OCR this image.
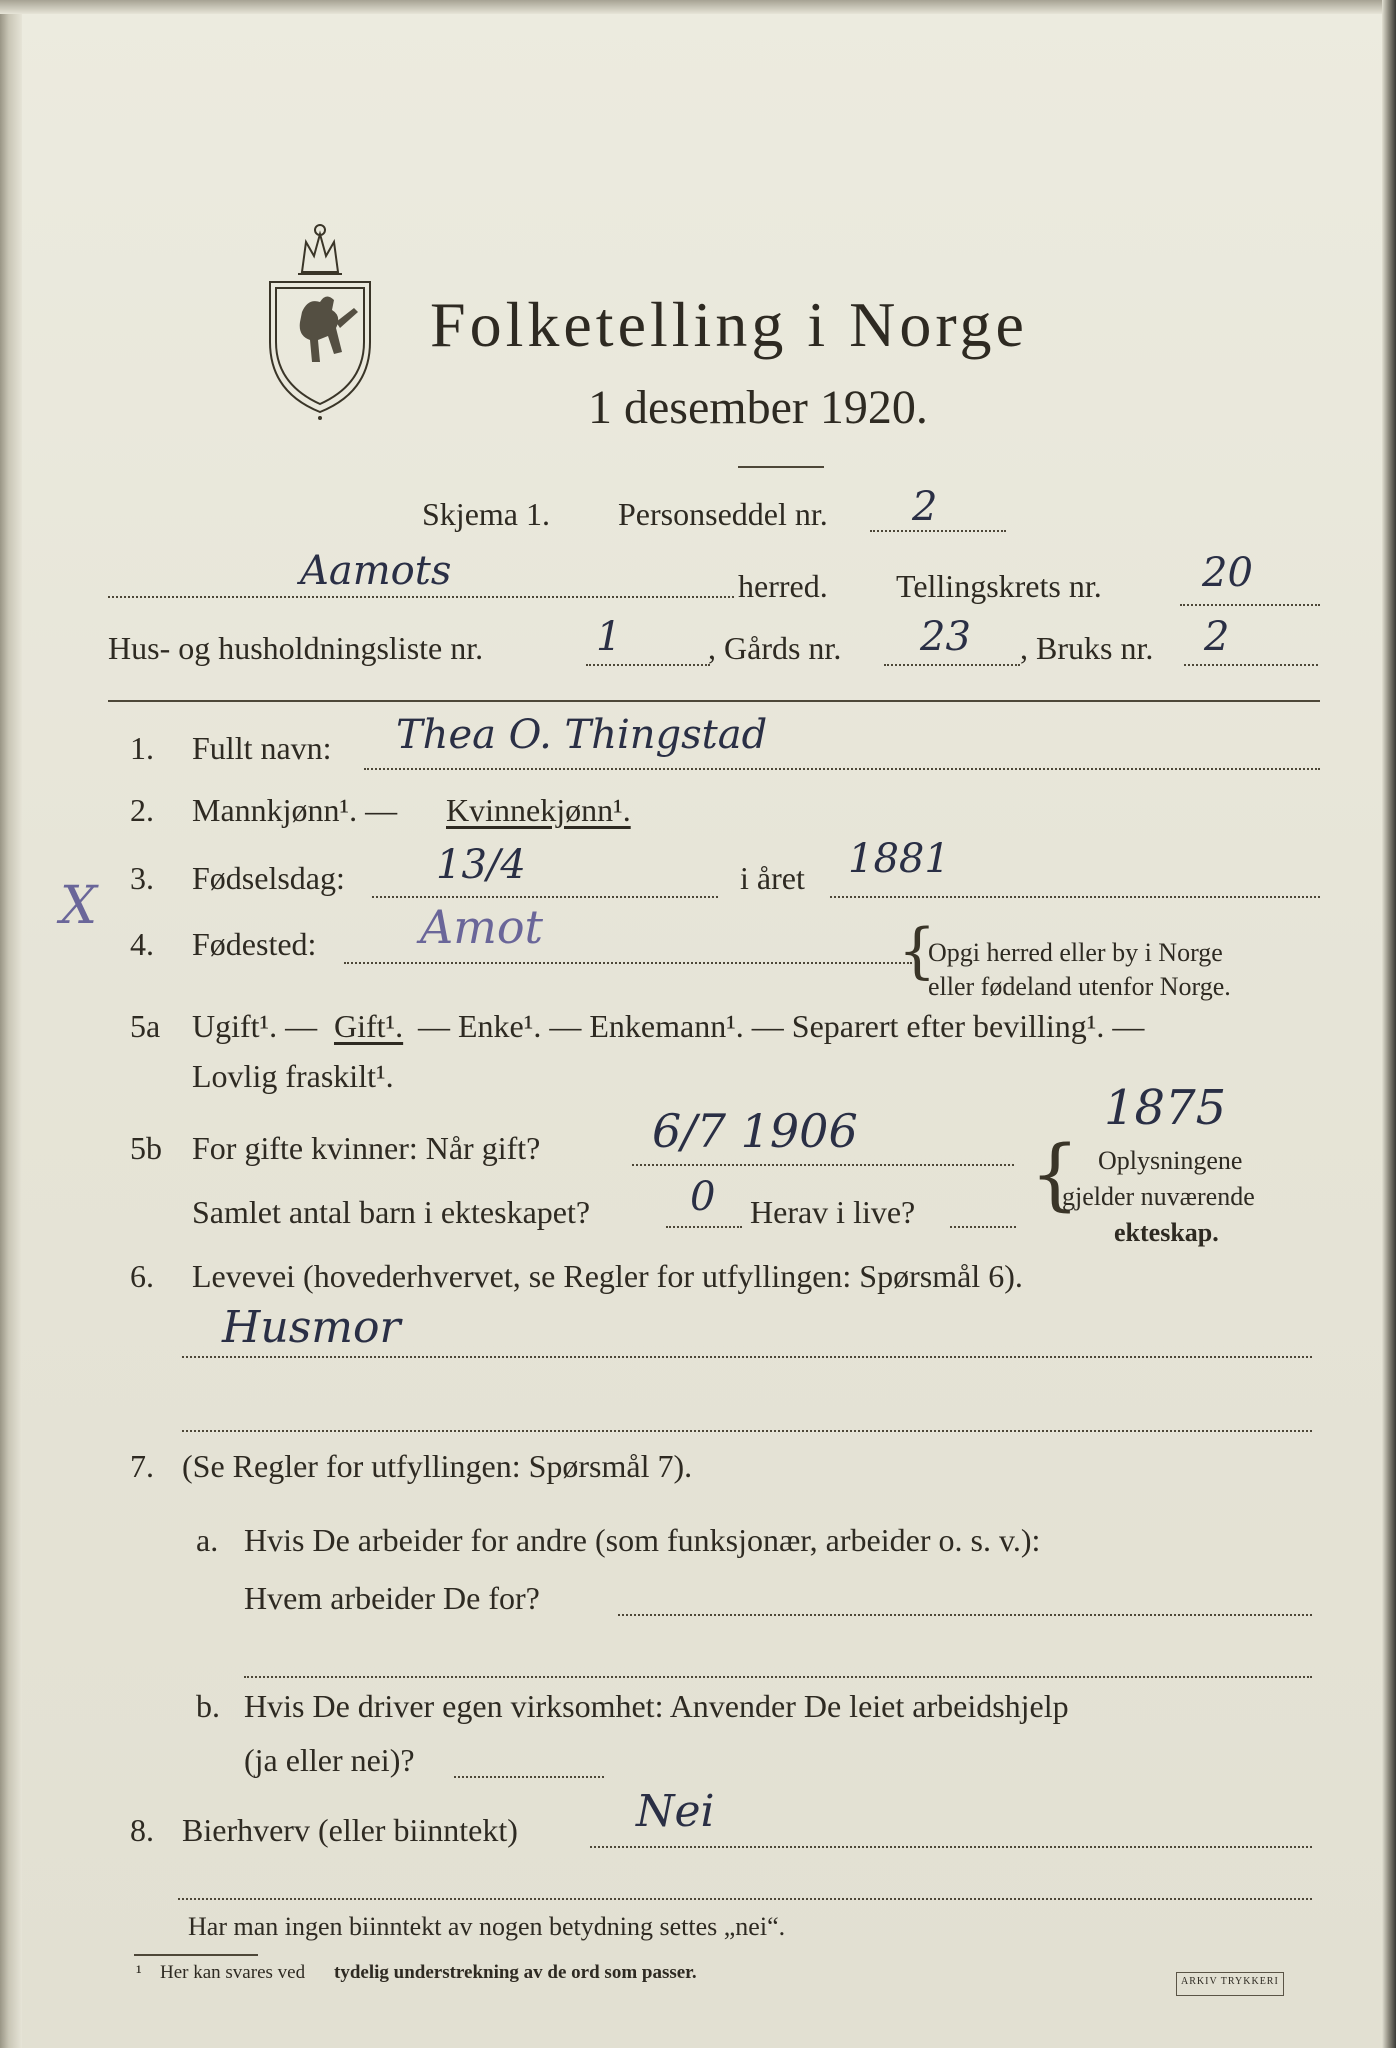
Folketelling i Norge
1 desember 1920.
Skjema 1. Personseddel nr. 2
Aamots	herred. Tellingskrets nr.	20
Hus- og husholdningsliste nr.	1	, Gårds nr. 23 , Bruks nr. 2
1. Fullt navn: Thea O. Thingstad
2. Mannkjønn¹. — Kvinnekjønn¹.
3. Fødselsdag: 13/4	i året 1881
X
4. Fødested: Amot	{
Opgi herred eller by i Norge
eller fødeland utenfor Norge.
5a Ugift¹. — Gift¹. — Enke¹. — Enkemann¹. — Separert efter bevilling¹. —
Lovlig fraskilt¹.
5b For gifte kvinner: Når gift? 6/7 1906	1875
{ Oplysningene
gjelder nuværende
ekteskap.
Samlet antal barn i ekteskapet? 0 Herav i live?
6. Levevei (hovederhvervet, se Regler for utfyllingen: Spørsmål 6).
Husmor
7. (Se Regler for utfyllingen: Spørsmål 7).
a. Hvis De arbeider for andre (som funksjonær, arbeider o. s. v.):
Hvem arbeider De for?
b. Hvis De driver egen virksomhet: Anvender De leiet arbeidshjelp
(ja eller nei)?
8. Bierhverv (eller biinntekt)	Nei
Har man ingen biinntekt av nogen betydning settes „nei“.
¹ Her kan svares ved tydelig understrekning av de ord som passer.	ARKIV TRYKKERI
